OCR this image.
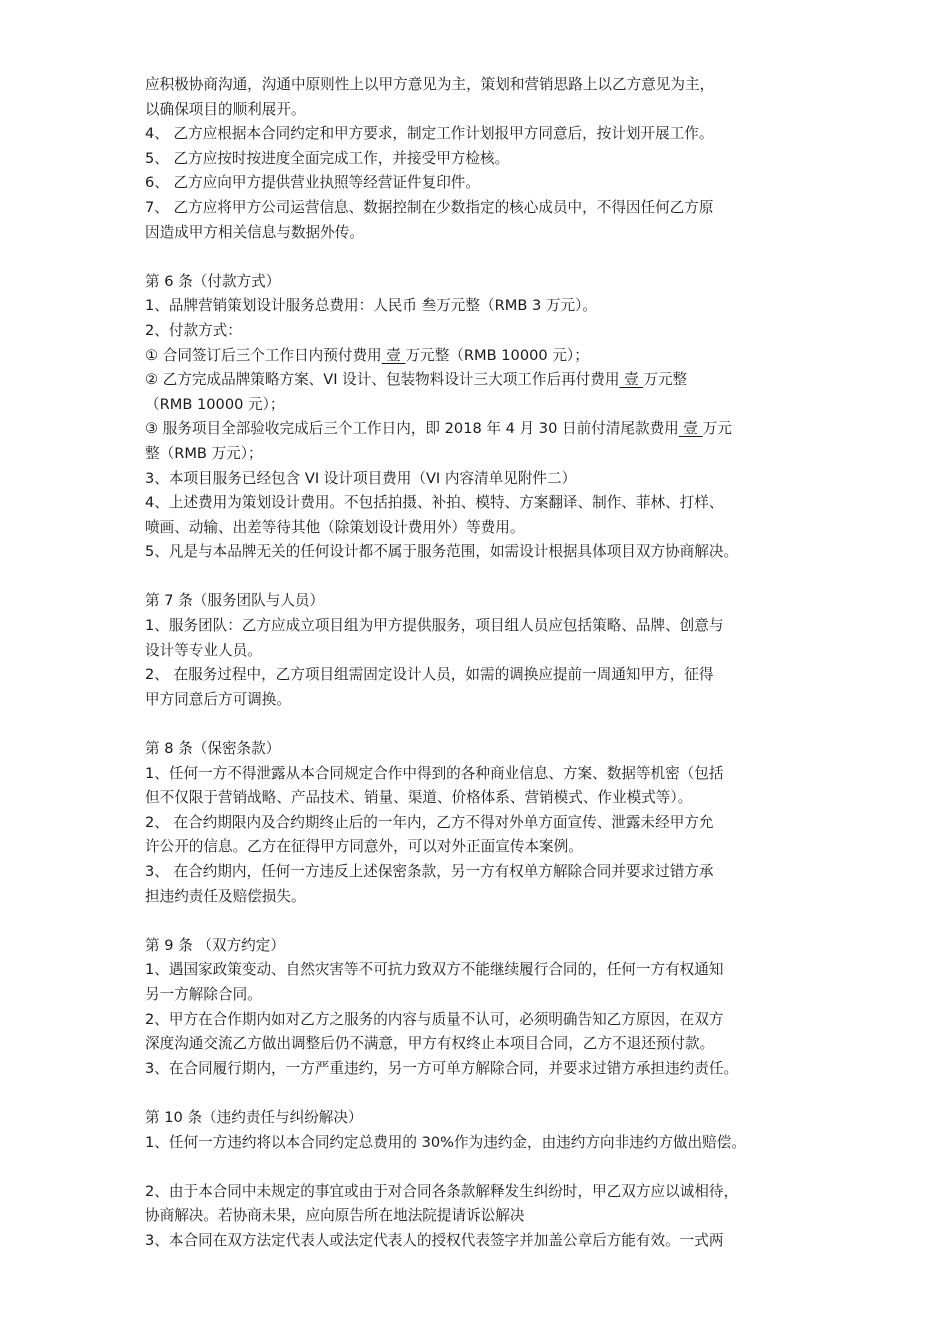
应积极协商沟通，沟通中原则性上以甲方意见为主，策划和营销思路上以乙方意见为主，
以确保项目的顺利展开。
4、 乙方应根据本合同约定和甲方要求，制定工作计划报甲方同意后，按计划开展工作。
5、 乙方应按时按进度全面完成工作，并接受甲方检核。
6、 乙方应向甲方提供营业执照等经营证件复印件。
7、 乙方应将甲方公司运营信息、数据控制在少数指定的核心成员中，不得因任何乙方原
因造成甲方相关信息与数据外传。
第 6 条（付款方式）
1、品牌营销策划设计服务总费用：人民币 叁万元整（RMB 3 万元）。
2、付款方式：
① 合同签订后三个工作日内预付费用 壹 万元整（RMB 10000 元）；
② 乙方完成品牌策略方案、VI 设计、包装物料设计三大项工作后再付费用 壹 万元整
（RMB 10000 元）；
③ 服务项目全部验收完成后三个工作日内，即 2018 年 4 月 30 日前付清尾款费用 壹 万元
整（RMB 万元）；
3、本项目服务已经包含 VI 设计项目费用（VI 内容清单见附件二）
4、上述费用为策划设计费用。不包括拍摄、补拍、模特、方案翻译、制作、菲林、打样、
喷画、动输、出差等待其他（除策划设计费用外）等费用。
5、凡是与本品牌无关的任何设计都不属于服务范围，如需设计根据具体项目双方协商解决。
第 7 条（服务团队与人员）
1、服务团队：乙方应成立项目组为甲方提供服务，项目组人员应包括策略、品牌、创意与
设计等专业人员。
2、 在服务过程中，乙方项目组需固定设计人员，如需的调换应提前一周通知甲方，征得
甲方同意后方可调换。
第 8 条（保密条款）
1、任何一方不得泄露从本合同规定合作中得到的各种商业信息、方案、数据等机密（包括
但不仅限于营销战略、产品技术、销量、渠道、价格体系、营销模式、作业模式等）。
2、 在合约期限内及合约期终止后的一年内，乙方不得对外单方面宣传、泄露未经甲方允
许公开的信息。乙方在征得甲方同意外，可以对外正面宣传本案例。
3、 在合约期内，任何一方违反上述保密条款，另一方有权单方解除合同并要求过错方承
担违约责任及赔偿损失。
第 9 条 （双方约定）
1、遇国家政策变动、自然灾害等不可抗力致双方不能继续履行合同的，任何一方有权通知
另一方解除合同。
2、甲方在合作期内如对乙方之服务的内容与质量不认可，必须明确告知乙方原因，在双方
深度沟通交流乙方做出调整后仍不满意，甲方有权终止本项目合同，乙方不退还预付款。
3、在合同履行期内，一方严重违约，另一方可单方解除合同，并要求过错方承担违约责任。
第 10 条（违约责任与纠纷解决）
1、任何一方违约将以本合同约定总费用的 30%作为违约金，由违约方向非违约方做出赔偿。
2、由于本合同中未规定的事宜或由于对合同各条款解释发生纠纷时，甲乙双方应以诚相待，
协商解决。若协商未果，应向原告所在地法院提请诉讼解决
3、本合同在双方法定代表人或法定代表人的授权代表签字并加盖公章后方能有效。一式两
